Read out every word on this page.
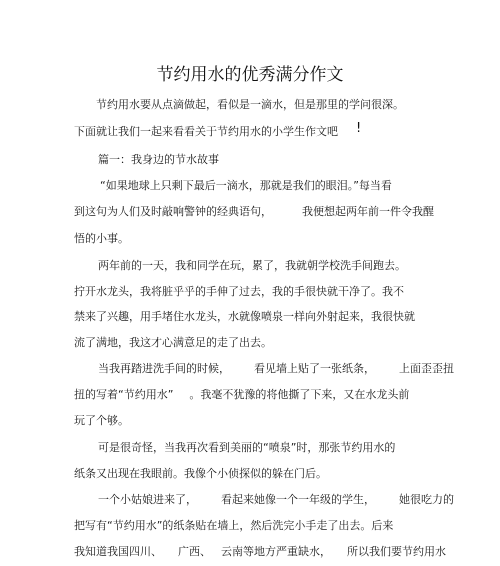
节约用水的优秀满分作文
节约用水要从点滴做起，看似是一滴水，但是那里的学问很深。
下面就让我们一起来看看关于节约用水的小学生作文吧 !
篇一：我身边的节水故事
“如果地球上只剩下最后一滴水，那就是我们的眼泪。”每当看
到这句为人们及时敲响警钟的经典语句，	我便想起两年前一件令我醒
悟的小事。
两年前的一天，我和同学在玩，累了，我就朝学校洗手间跑去。
拧开水龙头，我将脏乎乎的手伸了过去，我的手很快就干净了。我不
禁来了兴趣，用手堵住水龙头，水就像喷泉一样向外射起来，我很快就
流了满地，我这才心满意足的走了出去。
当我再踏进洗手间的时候， 看见墙上贴了一张纸条， 上面歪歪扭
扭的写着“节约用水” 。我毫不犹豫的将他撕了下来，又在水龙头前
玩了个够。
可是很奇怪，当我再次看到美丽的“喷泉”时，那张节约用水的
纸条又出现在我眼前。我像个小侦探似的躲在门后。
一个小姑娘进来了， 看起来她像一个一年级的学生， 她很吃力的
把写有“节约用水”的纸条贴在墙上，然后洗完小手走了出去。后来
我知道我国四川、 广西、 云南等地方严重缺水， 所以我们要节约用水
